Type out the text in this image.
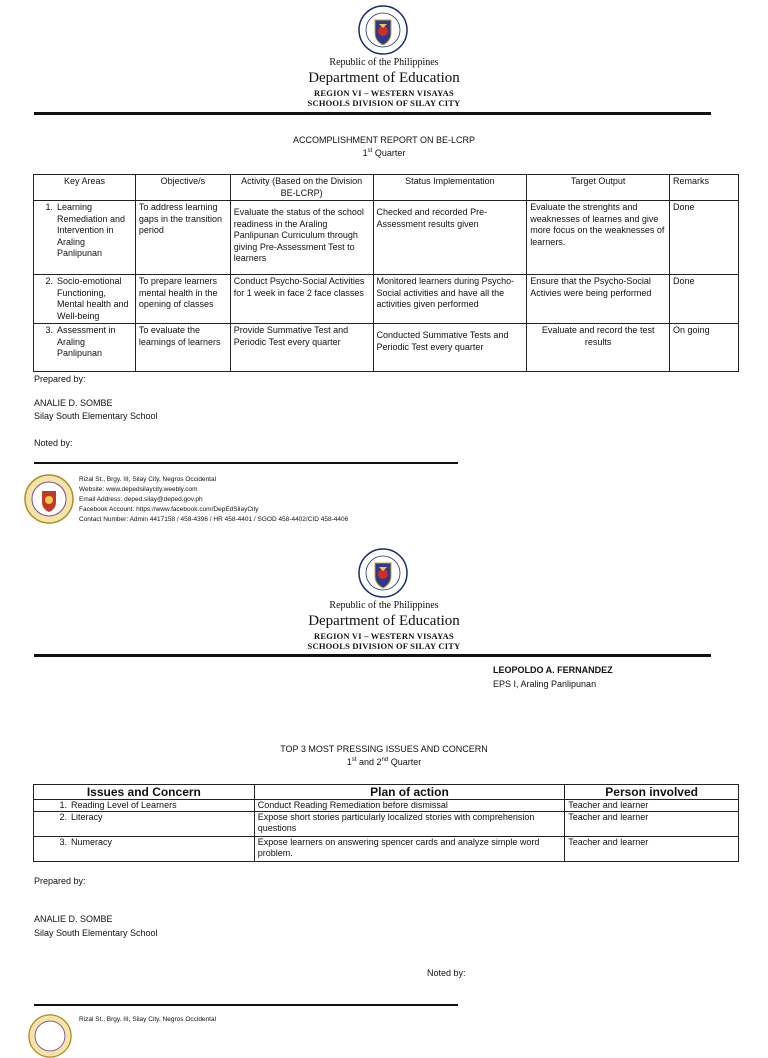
Republic of the Philippines
Department of Education
REGION VI – WESTERN VISAYAS
SCHOOLS DIVISION OF SILAY CITY
ACCOMPLISHMENT REPORT ON BE-LCRP
1st Quarter
Key Areas	Objective/s	Activity (Based on the Division BE-LCRP)	Status Implementation	Target Output	Remarks

1. Learning Remediation and Intervention in Araling Panlipunan	To address learning gaps in the transition period	Evaluate the status of the school readiness in the Araling Panlipunan Curriculum through giving Pre-Assessment Test to learners	Checked and recorded Pre-Assessment results given	Evaluate the strenghts and weaknesses of learnes and give more focus on the weaknesses of learners.	Done

2. Socio-emotional Functioning, Mental health and Well-being	To prepare learners mental health in the opening of classes	Conduct Psycho-Social Activities for 1 week in face 2 face classes	Monitored learners during Psycho-Social activities and have all the activities given performed	Ensure that the Psycho-Social Activies were being performed	Done

3. Assessment in Araling Panlipunan	To evaluate the learnings of learners	Provide Summative Test and Periodic Test every quarter	Conducted Summative Tests and Periodic Test every quarter	Evaluate and record the test results	On going
Prepared by:
ANALIE D. SOMBE
Silay South Elementary School
Noted by:
Rizal St., Brgy. III, Silay City, Negros Occidental
Website: www.depedsilaycity.weebly.com
Email Address: deped.silay@deped.gov.ph
Facebook Account: https://www.facebook.com/DepEdSilayCity
Contact Number: Admin 4417158 / 458-4396 / HR 458-4401 / SGOD 458-4402/CID 458-4406
Republic of the Philippines
Department of Education
REGION VI – WESTERN VISAYAS
SCHOOLS DIVISION OF SILAY CITY
LEOPOLDO A. FERNANDEZ
EPS I, Araling Panlipunan
TOP 3 MOST PRESSING ISSUES AND CONCERN
1st and 2nd Quarter
Issues and Concern	Plan of action	Person involved

1. Reading Level of Learners	Conduct Reading Remediation before dismissal	Teacher and learner

2. Literacy	Expose short stories particularly localized stories with comprehension questions	Teacher and learner

3. Numeracy	Expose learners on answering spencer cards and analyze simple word problem.	Teacher and learner
Prepared by:
ANALIE D. SOMBE
Silay South Elementary School
Noted by:
Rizal St., Brgy. III, Silay City, Negros Occidental
